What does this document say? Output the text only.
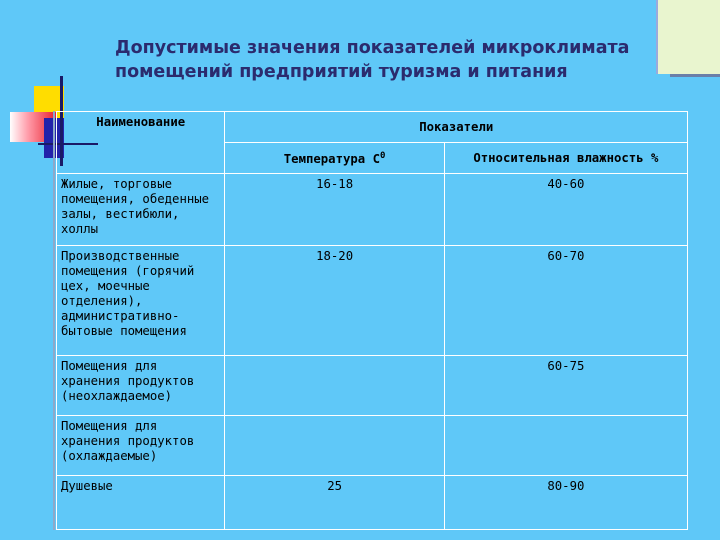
Допустимые значения показателей микроклимата
помещений предприятий туризма и питания
Наименование	Показатели	
	Температура $С^0$	Относительная влажность %
Жилые, торговые помещения, обеденные залы, вестибюли, холлы	16-18	40-60
Производственные помещения (горячий цех, моечные отделения), административно-бытовые помещения	18-20	60-70
Помещения для хранения продуктов (неохлаждаемое)		60-75
Помещения для хранения продуктов (охлаждаемые)		
Душевые	25	80-90
